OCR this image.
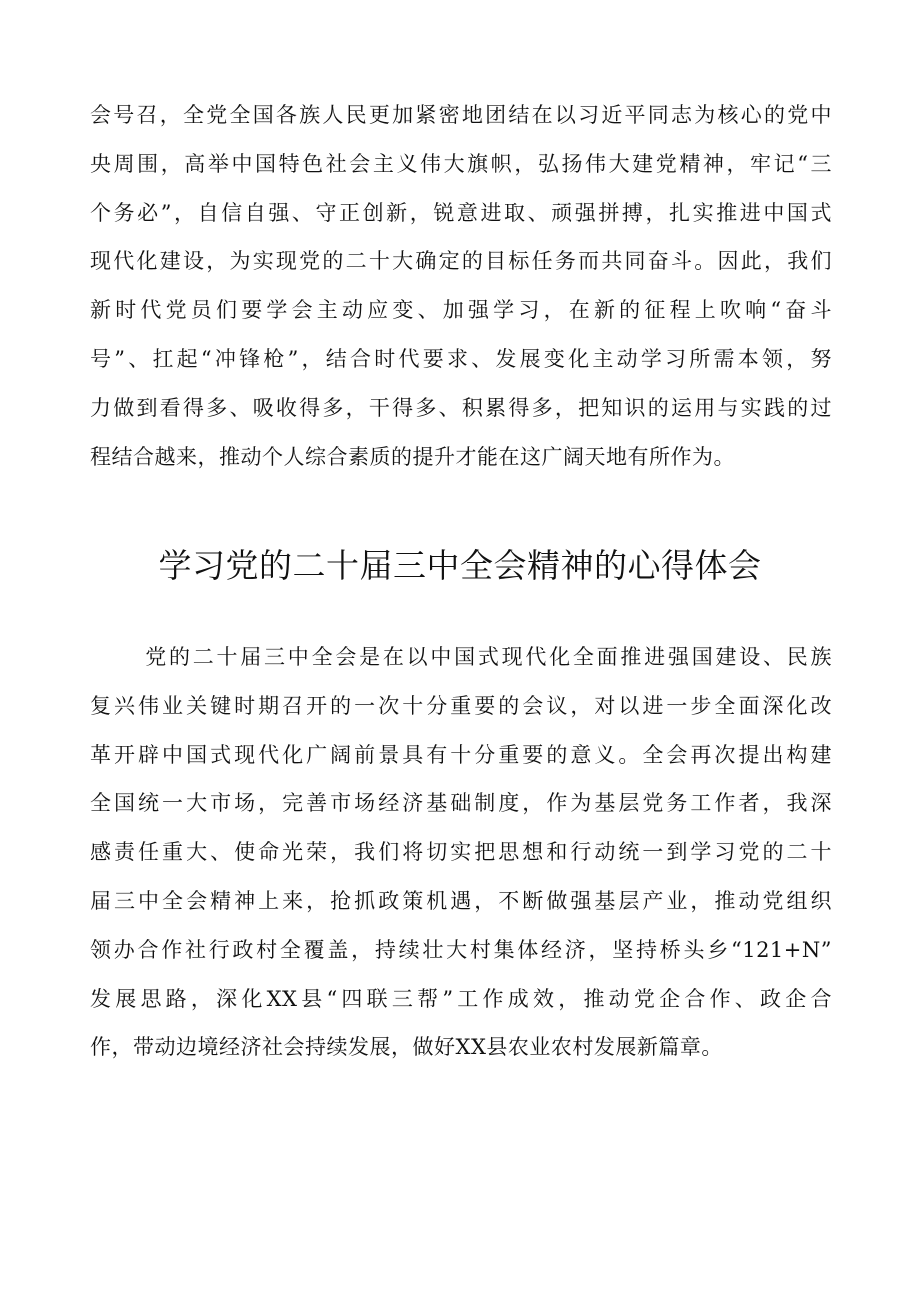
会号召，全党全国各族人民更加紧密地团结在以习近平同志为核心的党中
央周围，高举中国特色社会主义伟大旗帜，弘扬伟大建党精神，牢记“三
个务必”，自信自强、守正创新，锐意进取、顽强拼搏，扎实推进中国式
现代化建设，为实现党的二十大确定的目标任务而共同奋斗。因此，我们
新时代党员们要学会主动应变、加强学习，在新的征程上吹响“奋斗
号”、扛起“冲锋枪”，结合时代要求、发展变化主动学习所需本领，努
力做到看得多、吸收得多，干得多、积累得多，把知识的运用与实践的过
程结合越来，推动个人综合素质的提升才能在这广阔天地有所作为。
学习党的二十届三中全会精神的心得体会
党的二十届三中全会是在以中国式现代化全面推进强国建设、民族
复兴伟业关键时期召开的一次十分重要的会议，对以进一步全面深化改
革开辟中国式现代化广阔前景具有十分重要的意义。全会再次提出构建
全国统一大市场，完善市场经济基础制度，作为基层党务工作者，我深
感责任重大、使命光荣，我们将切实把思想和行动统一到学习党的二十
届三中全会精神上来，抢抓政策机遇，不断做强基层产业，推动党组织
领办合作社行政村全覆盖，持续壮大村集体经济，坚持桥头乡“121+N”
发展思路，深化XX县“四联三帮”工作成效，推动党企合作、政企合
作，带动边境经济社会持续发展，做好XX县农业农村发展新篇章。
